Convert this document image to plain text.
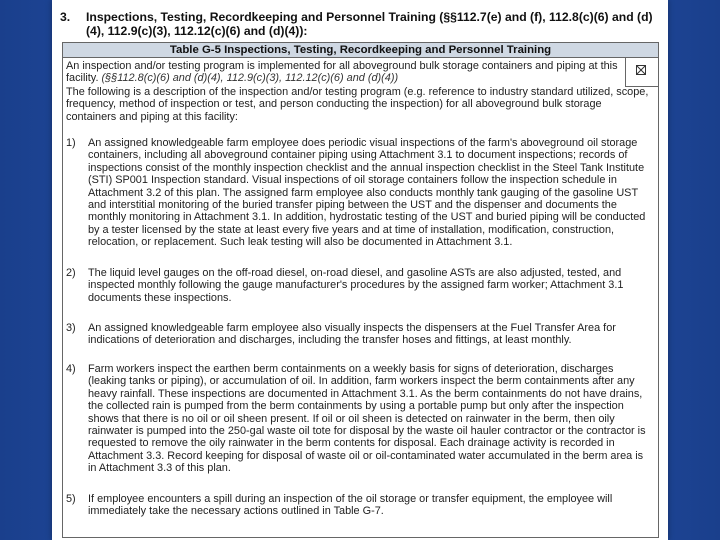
3.	Inspections, Testing, Recordkeeping and Personnel Training (§§112.7(e) and (f), 112.8(c)(6) and (d)(4), 112.9(c)(3), 112.12(c)(6) and (d)(4)):
Table G-5 Inspections, Testing, Recordkeeping and Personnel Training
An inspection and/or testing program is implemented for all aboveground bulk storage containers and piping at this facility. (§§112.8(c)(6) and (d)(4), 112.9(c)(3), 112.12(c)(6) and (d)(4))
The following is a description of the inspection and/or testing program (e.g. reference to industry standard utilized, scope, frequency, method of inspection or test, and person conducting the inspection) for all aboveground bulk storage containers and piping at this facility:
1)	An assigned knowledgeable farm employee does periodic visual inspections of the farm's aboveground oil storage containers, including all aboveground container piping using Attachment 3.1 to document inspections; records of inspections consist of the monthly inspection checklist and the annual inspection checklist in the Steel Tank Institute (STI) SP001 Inspection standard. Visual inspections of oil storage containers follow the inspection schedule in Attachment 3.2 of this plan. The assigned farm employee also conducts monthly tank gauging of the gasoline UST and interstitial monitoring of the buried transfer piping between the UST and the dispenser and documents the monthly monitoring in Attachment 3.1. In addition, hydrostatic testing of the UST and buried piping will be conducted by a tester licensed by the state at least every five years and at time of installation, modification, construction, relocation, or replacement. Such leak testing will also be documented in Attachment 3.1.
2)	The liquid level gauges on the off-road diesel, on-road diesel, and gasoline ASTs are also adjusted, tested, and inspected monthly following the gauge manufacturer's procedures by the assigned farm worker; Attachment 3.1 documents these inspections.
3)	An assigned knowledgeable farm employee also visually inspects the dispensers at the Fuel Transfer Area for indications of deterioration and discharges, including the transfer hoses and fittings, at least monthly.
4)	Farm workers inspect the earthen berm containments on a weekly basis for signs of deterioration, discharges (leaking tanks or piping), or accumulation of oil. In addition, farm workers inspect the berm containments after any heavy rainfall. These inspections are documented in Attachment 3.1. As the berm containments do not have drains, the collected rain is pumped from the berm containments by using a portable pump but only after the inspection shows that there is no oil or oil sheen present. If oil or oil sheen is detected on rainwater in the berm, then oily rainwater is pumped into the 250-gal waste oil tote for disposal by the waste oil hauler contractor or the contractor is requested to remove the oily rainwater in the berm contents for disposal. Each drainage activity is recorded in Attachment 3.3. Record keeping for disposal of waste oil or oil-contaminated water accumulated in the berm area is in Attachment 3.3 of this plan.
5)	If employee encounters a spill during an inspection of the oil storage or transfer equipment, the employee will immediately take the necessary actions outlined in Table G-7.
